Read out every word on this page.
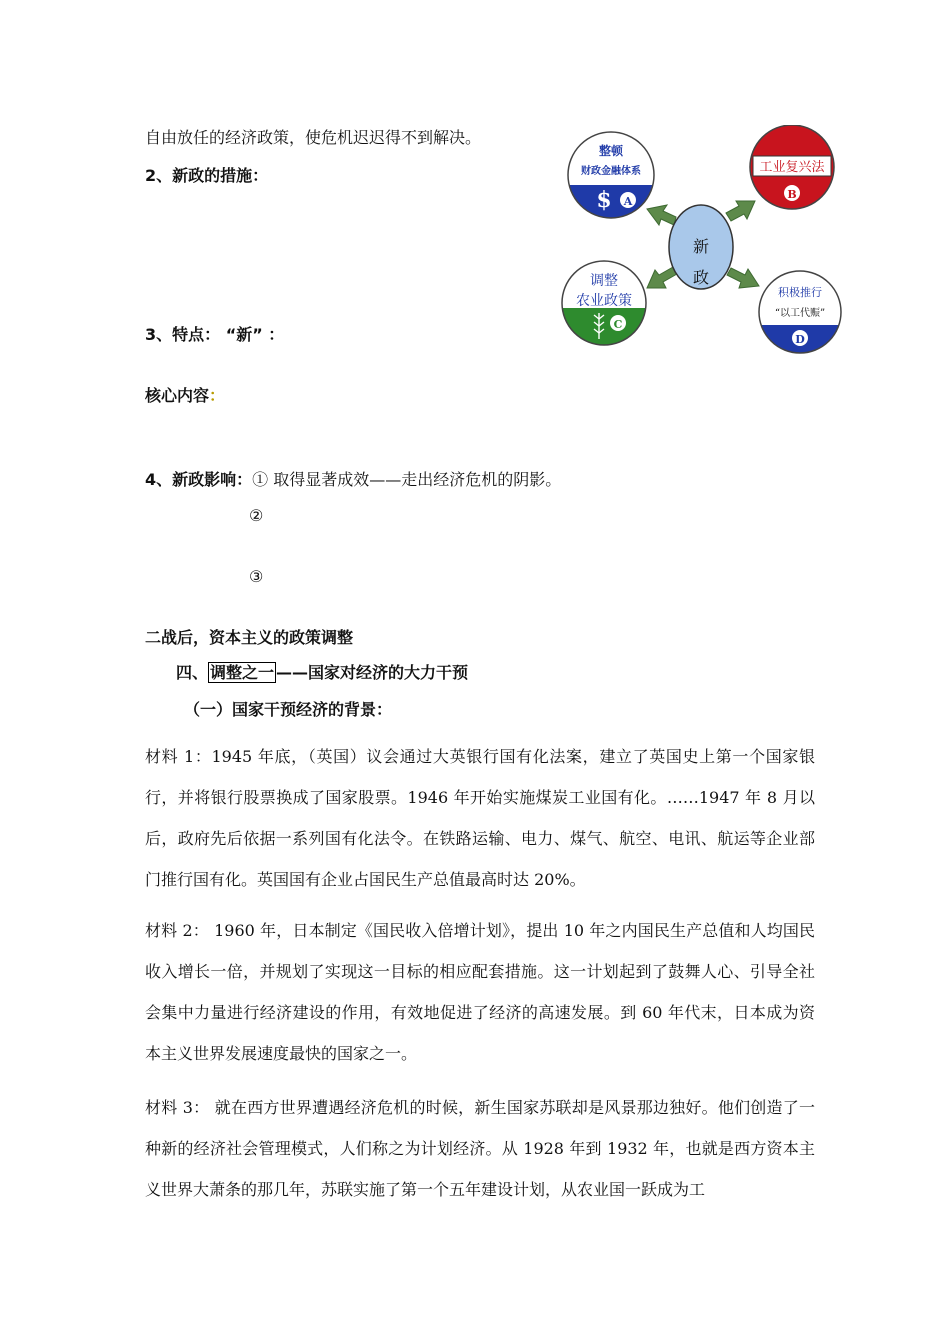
自由放任的经济政策，使危机迟迟得不到解决。
2、新政的措施：
3、特点： “新” ：
核心内容：
4、新政影响：① 取得显著成效——走出经济危机的阴影。
②
③
二战后，资本主义的政策调整
四、 调整之一 ——国家对经济的大力干预
（一）国家干预经济的背景：
材料 1：1945 年底，（英国）议会通过大英银行国有化法案，建立了英国史上第一个国家银行，并将银行股票换成了国家股票。1946 年开始实施煤炭工业国有化。……1947 年 8 月以后，政府先后依据一系列国有化法令。在铁路运输、电力、煤气、航空、电讯、航运等企业部门推行国有化。英国国有企业占国民生产总值最高时达 20%。
材料 2： 1960 年，日本制定《国民收入倍增计划》，提出 10 年之内国民生产总值和人均国民收入增长一倍，并规划了实现这一目标的相应配套措施。这一计划起到了鼓舞人心、引导全社会集中力量进行经济建设的作用，有效地促进了经济的高速发展。到 60 年代末，日本成为资本主义世界发展速度最快的国家之一。
材料 3： 就在西方世界遭遇经济危机的时候，新生国家苏联却是风景那边独好。他们创造了一种新的经济社会管理模式，人们称之为计划经济。从 1928 年到 1932 年，也就是西方资本主义世界大萧条的那几年，苏联实施了第一个五年建设计划，从农业国一跃成为工
新
政
整顿
财政金融体系
$ A
工业复兴法
B
调整
农业政策
C
积极推行
“以工代赈”
D
